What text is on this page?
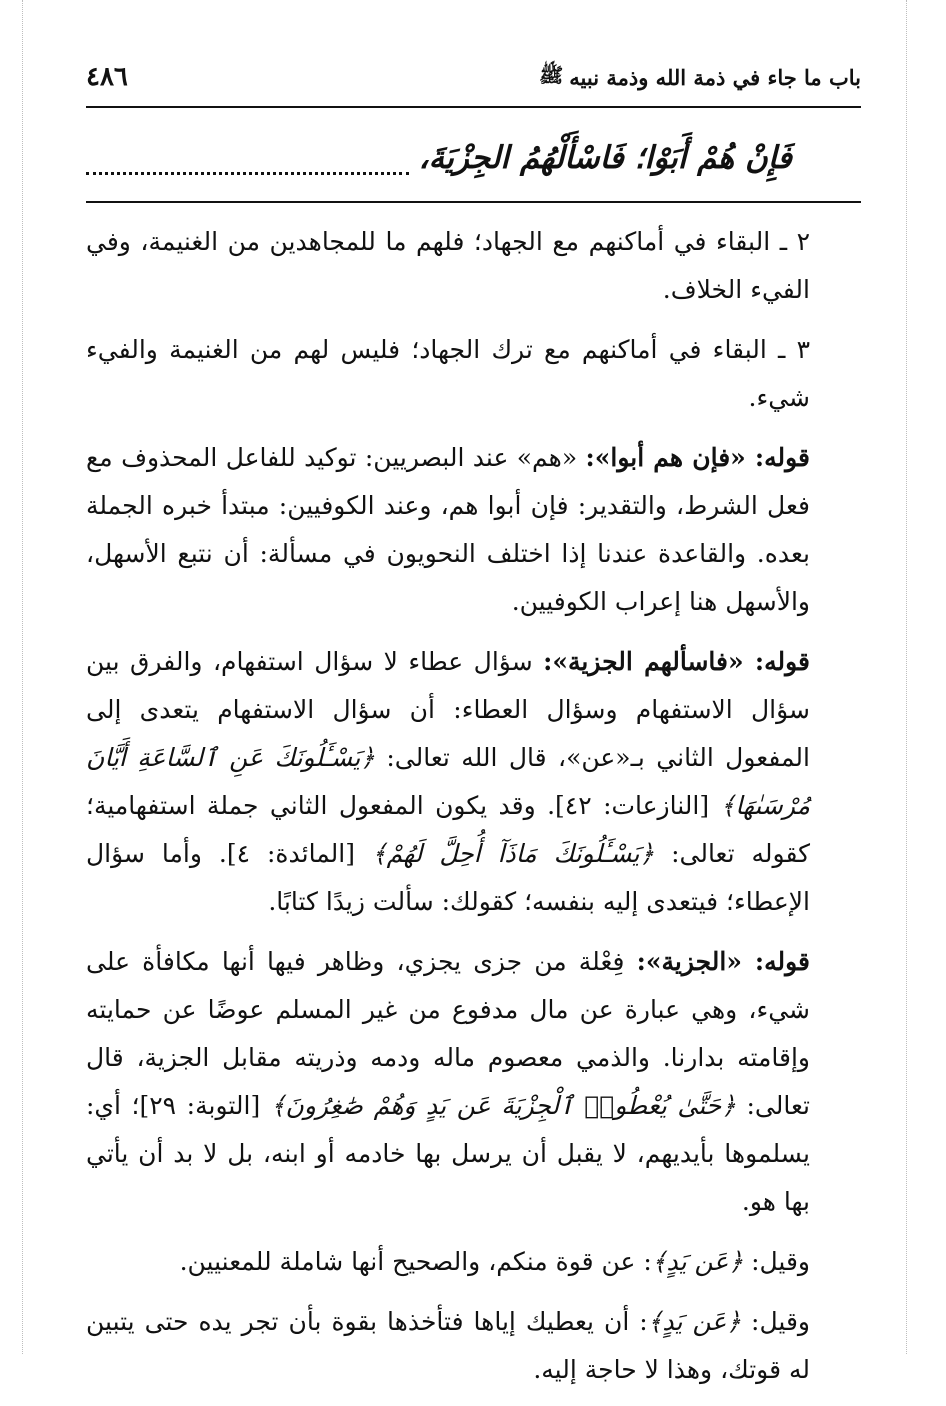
باب ما جاء في ذمة الله وذمة نبيه
ﷺ
٤٨٦
فَإِنْ هُمْ أَبَوْا؛ فَاسْأَلْهُمُ الجِزْيَةَ،

٢ ـ البقاء في أماكنهم مع الجهاد؛ فلهم ما للمجاهدين من الغنيمة، وفي الفيء الخلاف.

٣ ـ البقاء في أماكنهم مع ترك الجهاد؛ فليس لهم من الغنيمة والفيء شيء.

قوله: «فإن هم أبوا»: «هم» عند البصريين: توكيد للفاعل المحذوف مع فعل الشرط، والتقدير: فإن أبوا هم، وعند الكوفيين: مبتدأ خبره الجملة بعده. والقاعدة عندنا إذا اختلف النحويون في مسألة: أن نتبع الأسهل، والأسهل هنا إعراب الكوفيين.

قوله: «فاسألهم الجزية»: سؤال عطاء لا سؤال استفهام، والفرق بين سؤال الاستفهام وسؤال العطاء: أن سؤال الاستفهام يتعدى إلى المفعول الثاني بـ«عن»، قال الله تعالى: ﴿يَسْـَٔلُونَكَ عَنِ ٱلسَّاعَةِ أَيَّانَ مُرْسَىٰهَا﴾ [النازعات: ٤٢]. وقد يكون المفعول الثاني جملة استفهامية؛ كقوله تعالى: ﴿يَسْـَٔلُونَكَ مَاذَآ أُحِلَّ لَهُمْ﴾ [المائدة: ٤]. وأما سؤال الإعطاء؛ فيتعدى إليه بنفسه؛ كقولك: سألت زيدًا كتابًا.

قوله: «الجزية»: فِعْلة من جزى يجزي، وظاهر فيها أنها مكافأة على شيء، وهي عبارة عن مال مدفوع من غير المسلم عوضًا عن حمايته وإقامته بدارنا. والذمي معصوم ماله ودمه وذريته مقابل الجزية، قال تعالى: ﴿حَتَّىٰ يُعْطُوا۟ ٱلْجِزْيَةَ عَن يَدٍ وَهُمْ صَٰغِرُونَ﴾ [التوبة: ٢٩]؛ أي: يسلموها بأيديهم، لا يقبل أن يرسل بها خادمه أو ابنه، بل لا بد أن يأتي بها هو.

وقيل: ﴿عَن يَدٍ﴾: عن قوة منكم، والصحيح أنها شاملة للمعنيين.

وقيل: ﴿عَن يَدٍ﴾: أن يعطيك إياها فتأخذها بقوة بأن تجر يده حتى يتبين له قوتك، وهذا لا حاجة إليه.
